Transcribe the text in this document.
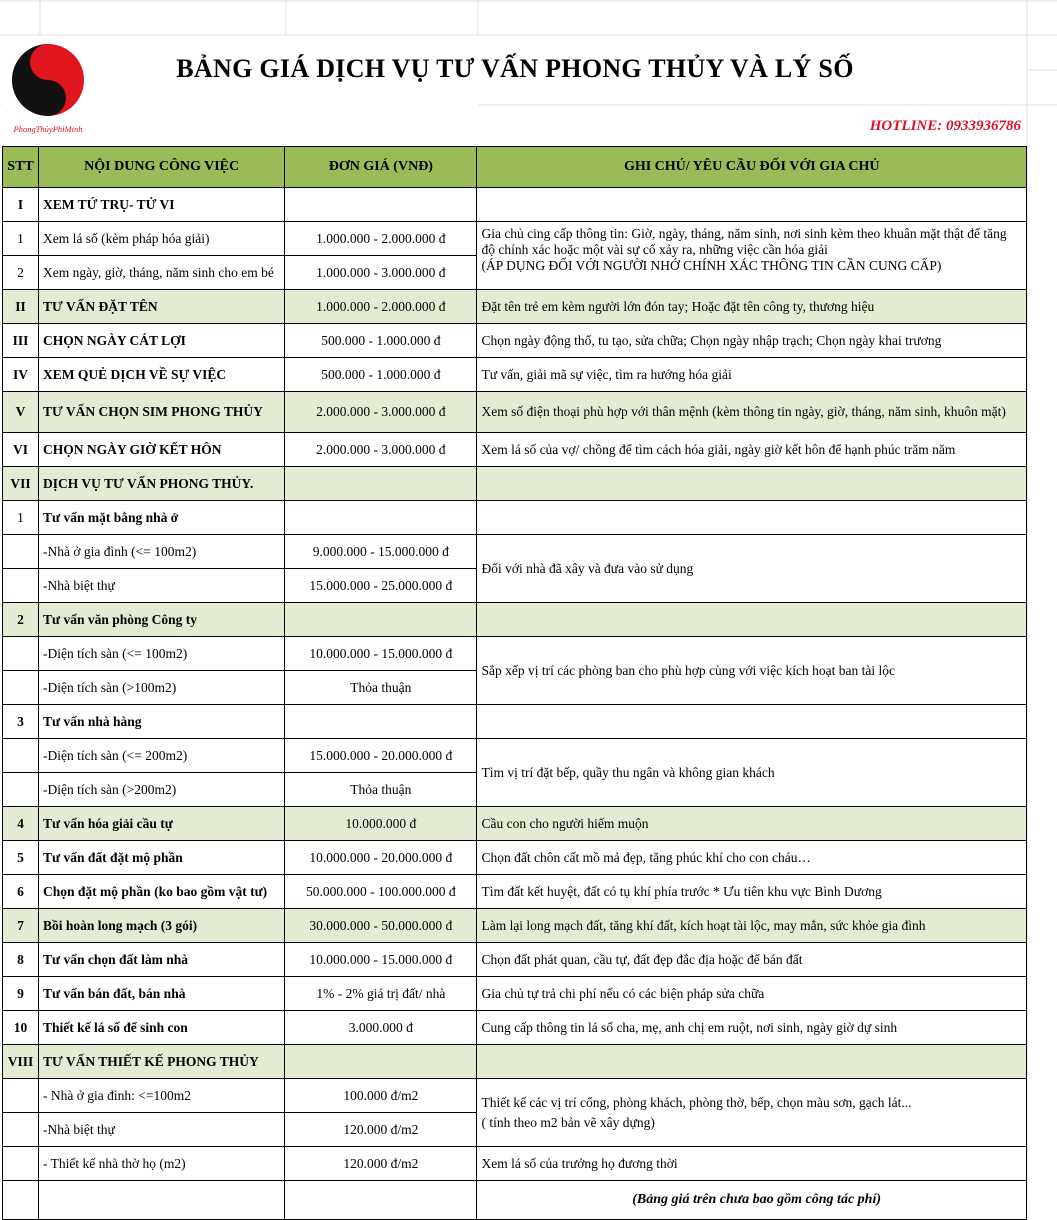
PhongThủyPhiMinh
BẢNG GIÁ DỊCH VỤ TƯ VẤN PHONG THỦY VÀ LÝ SỐ
HOTLINE: 0933936786
STT	NỘI DUNG CÔNG VIỆC	ĐƠN GIÁ (VNĐ)	GHI CHÚ/ YÊU CẦU ĐỐI VỚI GIA CHỦ
I	XEM TỨ TRỤ- TỬ VI		
1	Xem lá số (kèm pháp hóa giải)	1.000.000 - 2.000.000 đ	Gia chủ cing cấp thông tin: Giờ, ngày, tháng, năm sinh, nơi sinh kèm theo khuân mặt thật để tăng độ chính xác hoặc một vài sự cố xảy ra, những việc cần hóa giải
(ÁP DỤNG ĐỐI VỚI NGƯỜI NHỚ CHÍNH XÁC THÔNG TIN CẦN CUNG CẤP)

2	Xem ngày, giờ, tháng, năm sinh cho em bé	1.000.000 - 3.000.000 đ	
II	TƯ VẤN ĐẶT TÊN	1.000.000 - 2.000.000 đ	Đặt tên trẻ em kèm người lớn đón tay; Hoặc đặt tên công ty, thương hiệu
III	CHỌN NGÀY CÁT LỢI	500.000 - 1.000.000 đ	Chọn ngày động thổ, tu tạo, sửa chữa; Chọn ngày nhập trạch; Chọn ngày khai trương
IV	XEM QUẺ DỊCH VỀ SỰ VIỆC	500.000 - 1.000.000 đ	Tư vấn, giải mã sự việc, tìm ra hướng hóa giải
V	TƯ VẤN CHỌN SIM PHONG THỦY	2.000.000 - 3.000.000 đ	Xem số điện thoại phù hợp với thân mệnh (kèm thông tin ngày, giờ, tháng, năm sinh, khuôn mặt)
VI	CHỌN NGÀY GIỜ KẾT HÔN	2.000.000 - 3.000.000 đ	Xem lá số của vợ/ chồng để tìm cách hóa giải, ngày giờ kết hôn để hạnh phúc trăm năm
VII	DỊCH VỤ TƯ VẤN PHONG THỦY.		
1	Tư vấn mặt bằng nhà ở		
	-Nhà ở gia đình (<= 100m2)	9.000.000 - 15.000.000 đ	Đối với nhà đã xây và đưa vào sử dụng
	-Nhà biệt thự	15.000.000 - 25.000.000 đ	
2	Tư vấn văn phòng Công ty		
	-Diện tích sàn (<= 100m2)	10.000.000 - 15.000.000 đ	Sắp xếp vị trí các phòng ban cho phù hợp cùng với việc kích hoạt ban tài lộc
	-Diện tích sàn (>100m2)	Thỏa thuận	
3	Tư vấn nhà hàng		
	-Diện tích sàn (<= 200m2)	15.000.000 - 20.000.000 đ	Tìm vị trí đặt bếp, quầy thu ngân và không gian khách
	-Diện tích sàn (>200m2)	Thỏa thuận	
4	Tư vấn hóa giải cầu tự	10.000.000 đ	Cầu con cho người hiếm muộn
5	Tư vấn đất đặt mộ phần	10.000.000 - 20.000.000 đ	Chọn đất chôn cất mồ mả đẹp, tăng phúc khí cho con cháu…
6	Chọn đặt mộ phần (ko bao gồm vật tư)	50.000.000 - 100.000.000 đ	Tìm đất kết huyệt, đất có tụ khí phía trước * Ưu tiên khu vực Bình Dương
7	Bồi hoàn long mạch (3 gói)	30.000.000 - 50.000.000 đ	Làm lại long mạch đất, tăng khí đất, kích hoạt tài lộc, may mắn, sức khỏe gia đình
8	Tư vấn chọn đất làm nhà	10.000.000 - 15.000.000 đ	Chọn đất phát quan, cầu tự, đất đẹp đắc địa hoặc để bán đất
9	Tư vấn bán đất, bán nhà	1% - 2% giá trị đất/ nhà	Gia chủ tự trả chi phí nếu có các biện pháp sửa chữa
10	Thiết kế lá số để sinh con	3.000.000 đ	Cung cấp thông tin lá số cha, mẹ, anh chị em ruột, nơi sinh, ngày giờ dự sinh
VIII	TƯ VẤN THIẾT KẾ PHONG THỦY		
	- Nhà ở gia đình: <=100m2	100.000 đ/m2	Thiết kế các vị trí cổng, phòng khách, phòng thờ, bếp, chọn màu sơn, gạch lát...
( tính theo m2 bản vẽ xây dựng)

	-Nhà biệt thự	120.000 đ/m2	
	- Thiết kế nhà thờ họ (m2)	120.000 đ/m2	Xem lá số của trưởng họ đương thời
			(Bảng giá trên chưa bao gồm công tác phí)
